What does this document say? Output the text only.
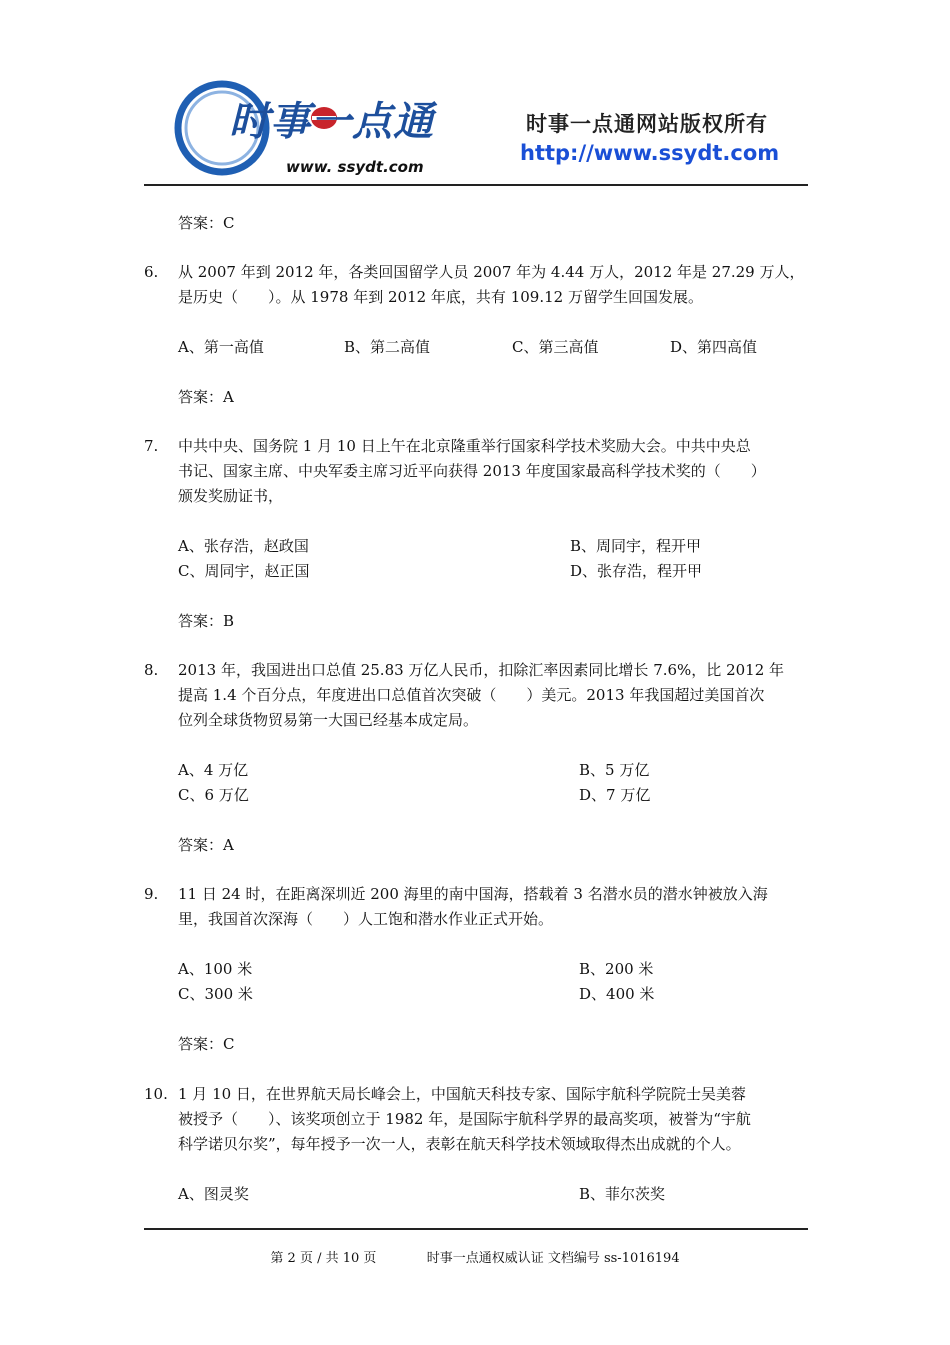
时事一点通
www. ssydt.com
时事一点通网站版权所有
http://www.ssydt.com
答案：C
6. 从 2007 年到 2012 年，各类回国留学人员 2007 年为 4.44 万人，2012 年是 27.29 万人，
是历史（　　）。从 1978 年到 2012 年底，共有 109.12 万留学生回国发展。
A、第一高值	B、第二高值	C、第三高值	D、第四高值
答案：A
7. 中共中央、国务院 1 月 10 日上午在北京隆重举行国家科学技术奖励大会。中共中央总
书记、国家主席、中央军委主席习近平向获得 2013 年度国家最高科学技术奖的（　　）
颁发奖励证书，
A、张存浩，赵政国	B、周同宇，程开甲
C、周同宇，赵正国	D、张存浩，程开甲
答案：B
8. 2013 年，我国进出口总值 25.83 万亿人民币，扣除汇率因素同比增长 7.6%，比 2012 年
提高 1.4 个百分点，年度进出口总值首次突破（　　）美元。2013 年我国超过美国首次
位列全球货物贸易第一大国已经基本成定局。
A、4 万亿	B、5 万亿
C、6 万亿	D、7 万亿
答案：A
9. 11 日 24 时，在距离深圳近 200 海里的南中国海，搭载着 3 名潜水员的潜水钟被放入海
里，我国首次深海（　　）人工饱和潜水作业正式开始。
A、100 米	B、200 米
C、300 米	D、400 米
答案：C
10. 1 月 10 日，在世界航天局长峰会上，中国航天科技专家、国际宇航科学院院士吴美蓉
被授予（　　）、该奖项创立于 1982 年，是国际宇航科学界的最高奖项，被誉为“宇航
科学诺贝尔奖”，每年授予一次一人，表彰在航天科学技术领域取得杰出成就的个人。
A、图灵奖	B、菲尔茨奖
第 2 页 / 共 10 页	时事一点通权威认证 文档编号 ss-1016194
